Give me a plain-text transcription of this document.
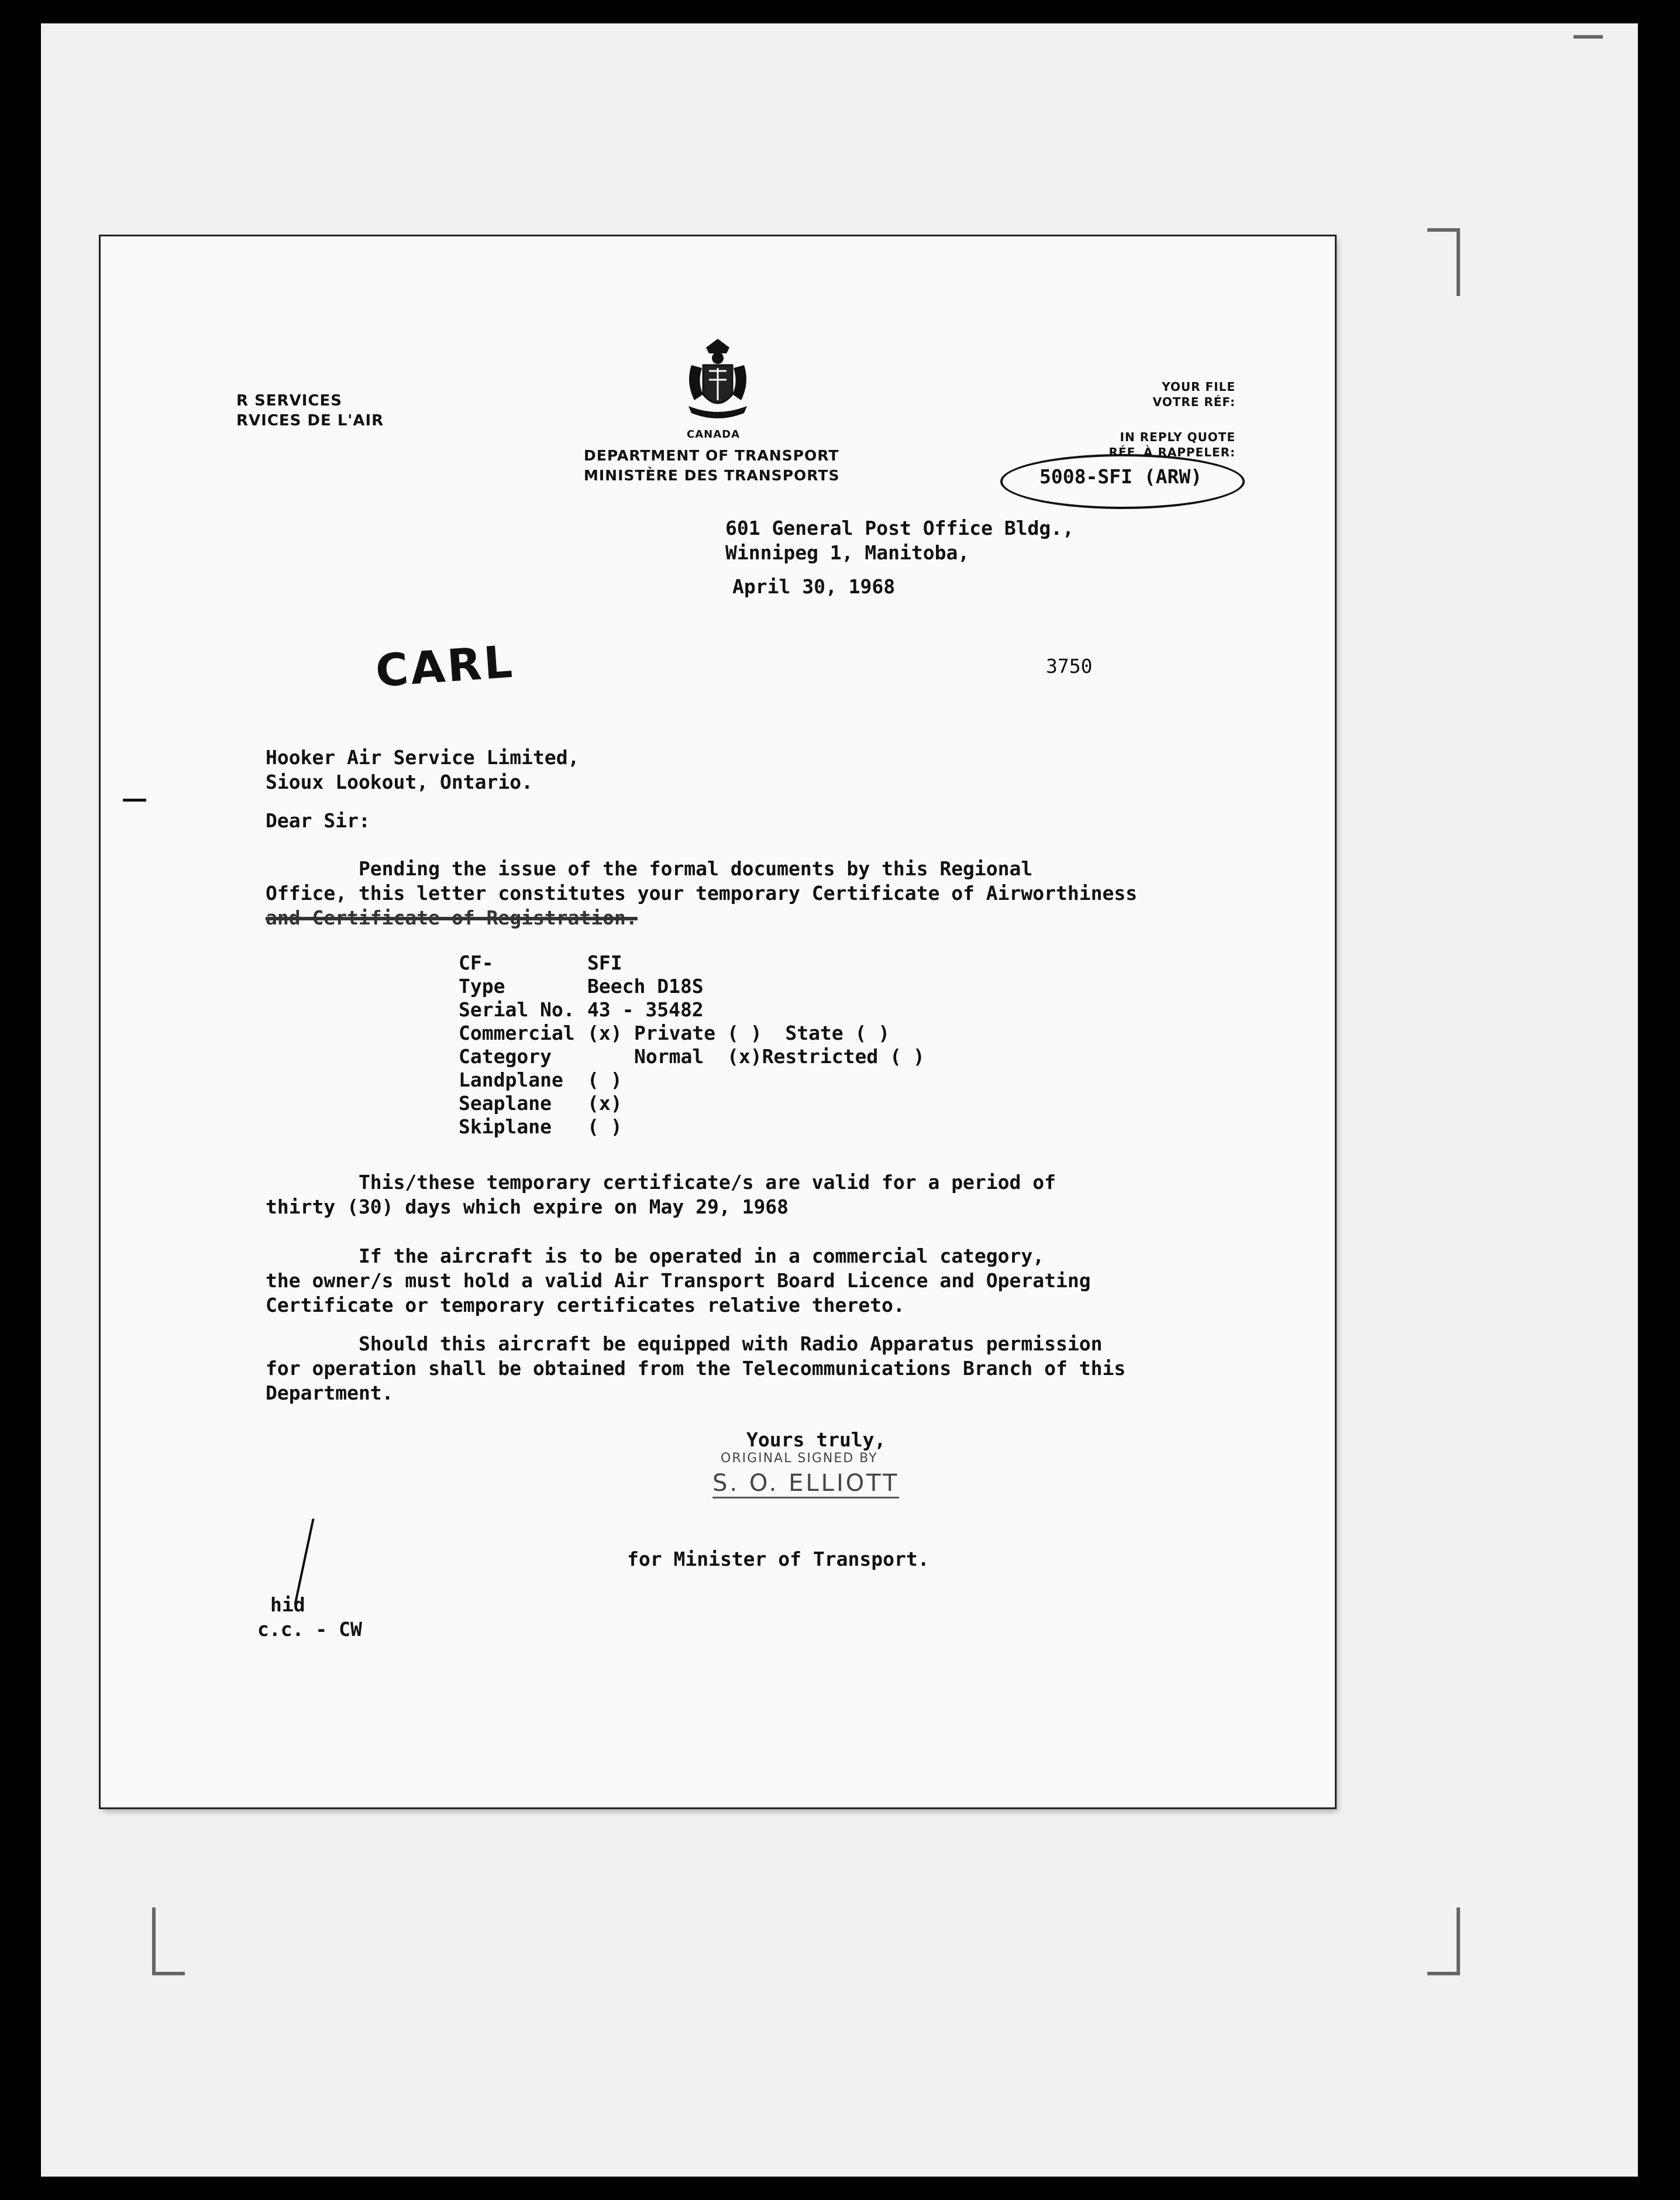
R SERVICES
RVICES DE L'AIR
CANADA
DEPARTMENT OF TRANSPORT
MINISTÈRE DES TRANSPORTS
YOUR FILE
VOTRE RÉF:
IN REPLY QUOTE
RÉF. À RAPPELER:
5008-SFI (ARW)
601 General Post Office Bldg.,
Winnipeg 1, Manitoba,
April 30, 1968
CARL	3750
Hooker Air Service Limited,
Sioux Lookout, Ontario.
Dear Sir:
Pending the issue of the formal documents by this Regional
Office, this letter constitutes your temporary Certificate of Airworthiness
and Certificate of Registration.
CF-	SFI		
Type	Beech D18S		
Serial No.	43 - 35482		
Commercial	(x)	Private ( )	State ( )
Category		Normal (x)	Restricted ( )
Landplane	( )		
Seaplane	(x)		
Skiplane	( )		
This/these temporary certificate/s are valid for a period of
thirty (30) days which expire on May 29, 1968
If the aircraft is to be operated in a commercial category,
the owner/s must hold a valid Air Transport Board Licence and Operating
Certificate or temporary certificates relative thereto.
Should this aircraft be equipped with Radio Apparatus permission
for operation shall be obtained from the Telecommunications Branch of this
Department.
Yours truly,
ORIGINAL SIGNED BY
S. O. ELLIOTT
for Minister of Transport.
hid
c.c. - CW
